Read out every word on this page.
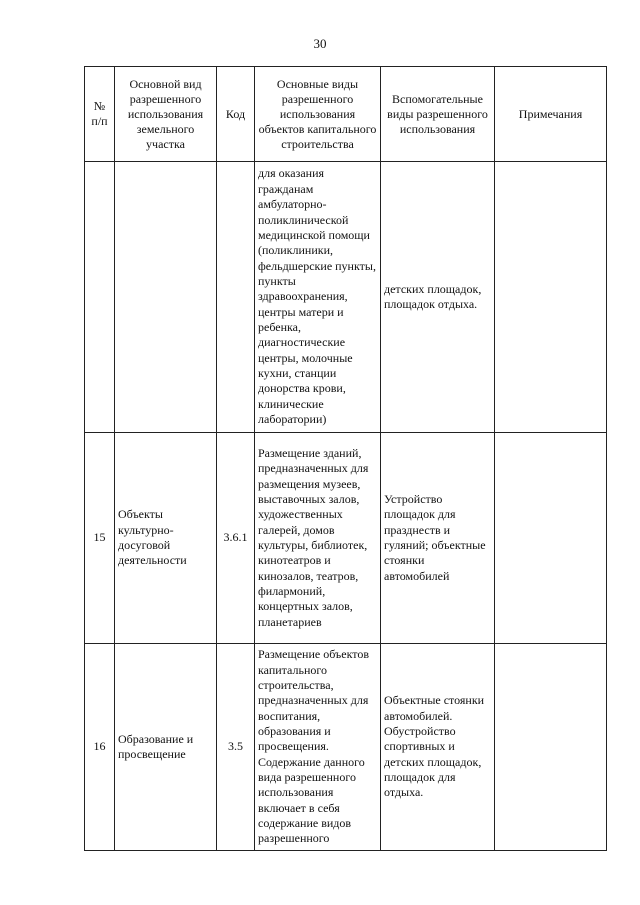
30
№ п/п	Основной вид разрешенного использования земельного участка	Код	Основные виды разрешенного использования объектов капитального строительства	Вспомогательные виды разрешенного использования	Примечания
			для оказания гражданам амбулаторно-поликлинической медицинской помощи (поликлиники, фельдшерские пункты, пункты здравоохранения, центры матери и ребенка, диагностические центры, молочные кухни, станции донорства крови, клинические лаборатории)	детских площадок, площадок отдыха.	
15	Объекты культурно-досуговой деятельности	3.6.1	Размещение зданий, предназначенных для размещения музеев, выставочных залов, художественных галерей, домов культуры, библиотек, кинотеатров и кинозалов, театров, филармоний, концертных залов, планетариев	Устройство площадок для празднеств и гуляний; объектные стоянки автомобилей	
16	Образование и просвещение	3.5	Размещение объектов капитального строительства, предназначенных для воспитания, образования и просвещения. Содержание данного вида разрешенного использования включает в себя содержание видов разрешенного	Объектные стоянки автомобилей. Обустройство спортивных и детских площадок, площадок для отдыха.	
